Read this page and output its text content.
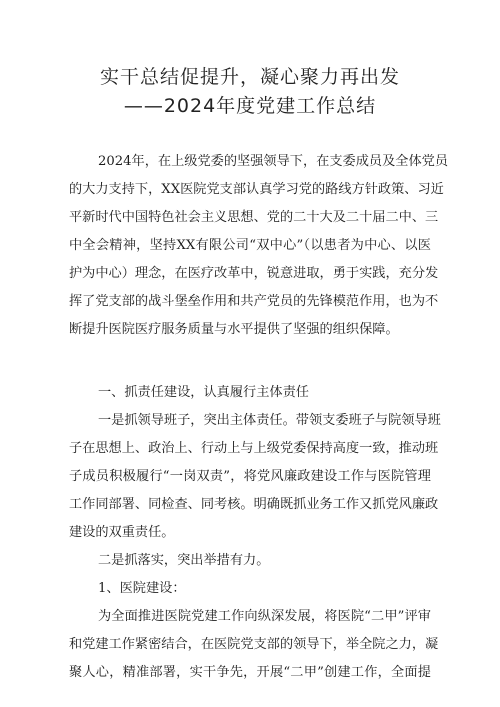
实干总结促提升，凝心聚力再出发
——2024年度党建工作总结
2024年，在上级党委的坚强领导下，在支委成员及全体党员
的大力支持下，XX医院党支部认真学习党的路线方针政策、习近
平新时代中国特色社会主义思想、党的二十大及二十届二中、三
中全会精神，坚持XX有限公司“双中心”（以患者为中心、以医
护为中心）理念，在医疗改革中，锐意进取，勇于实践，充分发
挥了党支部的战斗堡垒作用和共产党员的先锋模范作用，也为不
断提升医院医疗服务质量与水平提供了坚强的组织保障。
一、抓责任建设，认真履行主体责任
一是抓领导班子，突出主体责任。带领支委班子与院领导班
子在思想上、政治上、行动上与上级党委保持高度一致，推动班
子成员积极履行“一岗双责”，将党风廉政建设工作与医院管理
工作同部署、同检查、同考核。明确既抓业务工作又抓党风廉政
建设的双重责任。
二是抓落实，突出举措有力。
1、医院建设：
为全面推进医院党建工作向纵深发展，将医院“二甲”评审
和党建工作紧密结合，在医院党支部的领导下，举全院之力，凝
聚人心，精准部署，实干争先，开展“二甲”创建工作，全面提
